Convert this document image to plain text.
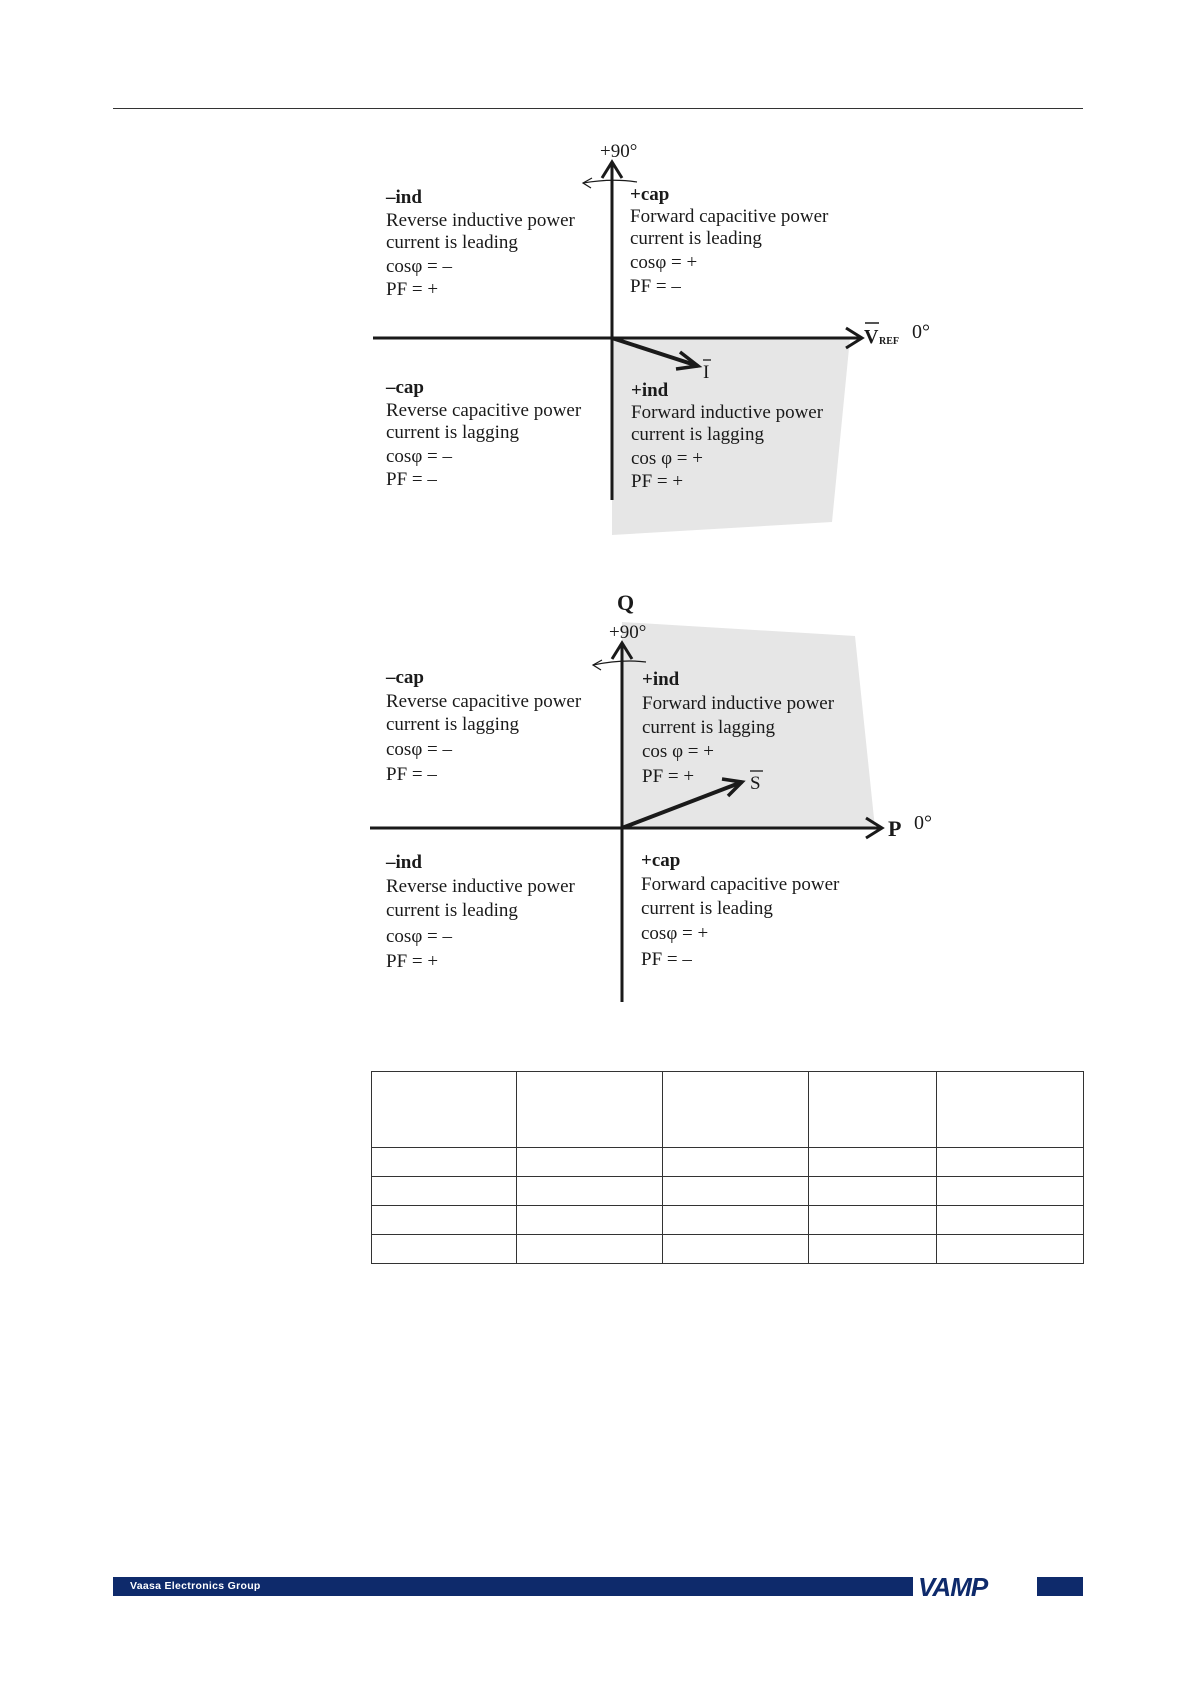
+90°
V REF 0°
I
–ind
Reverse inductive power
current is leading
cosφ = –
PF = +
+cap
Forward capacitive power
current is leading
cosφ = +
PF = –
–cap
Reverse capacitive power
current is lagging
cosφ = –
PF = –
+ind
Forward inductive power
current is lagging
cos φ = +
PF = +
Q
+90°
P 0°
S
–cap
Reverse capacitive power
current is lagging
cosφ = –
PF = –
+ind
Forward inductive power
current is lagging
cos φ = +
PF = +
–ind
Reverse inductive power
current is leading
cosφ = –
PF = +
+cap
Forward capacitive power
current is leading
cosφ = +
PF = –

Vaasa Electronics Group	VAMP
